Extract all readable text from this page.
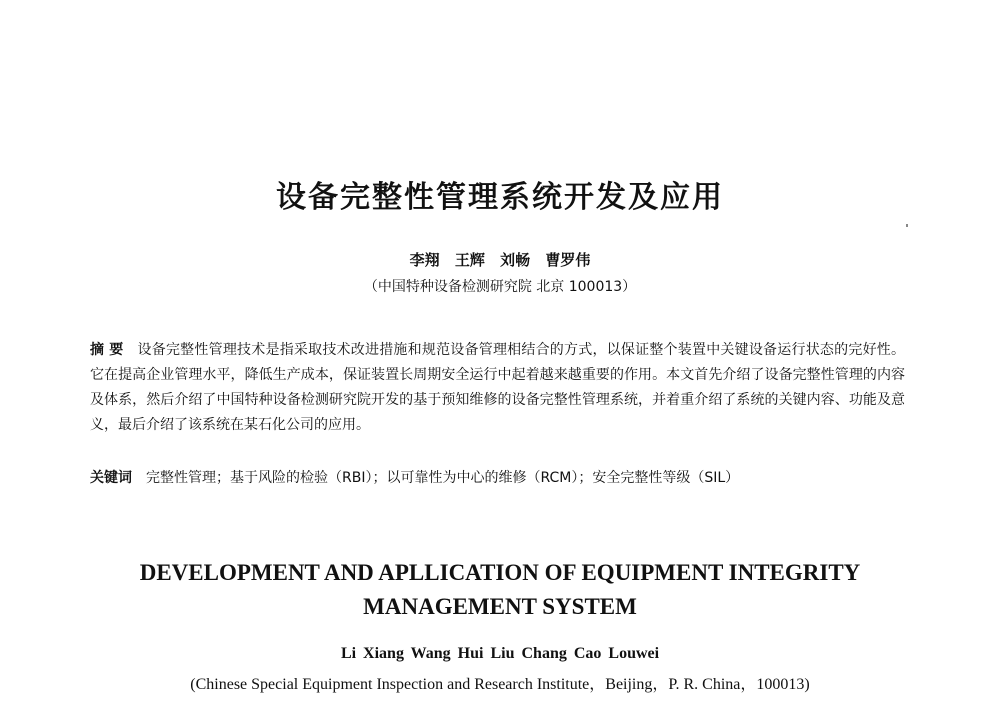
设备完整性管理系统开发及应用
李翔 王辉 刘畅 曹罗伟
（中国特种设备检测研究院 北京 100013）
摘 要 设备完整性管理技术是指采取技术改进措施和规范设备管理相结合的方式，以保证整个装置中关键设备运行状态的完好性。它在提高企业管理水平，降低生产成本，保证装置长周期安全运行中起着越来越重要的作用。本文首先介绍了设备完整性管理的内容及体系，然后介绍了中国特种设备检测研究院开发的基于预知维修的设备完整性管理系统，并着重介绍了系统的关键内容、功能及意义，最后介绍了该系统在某石化公司的应用。
关键词 完整性管理；基于风险的检验（RBI）；以可靠性为中心的维修（RCM）；安全完整性等级（SIL）
DEVELOPMENT AND APLLICATION OF EQUIPMENT INTEGRITY MANAGEMENT SYSTEM
Li Xiang Wang Hui Liu Chang Cao Louwei
(Chinese Special Equipment Inspection and Research Institute，Beijing，P. R. China，100013)
